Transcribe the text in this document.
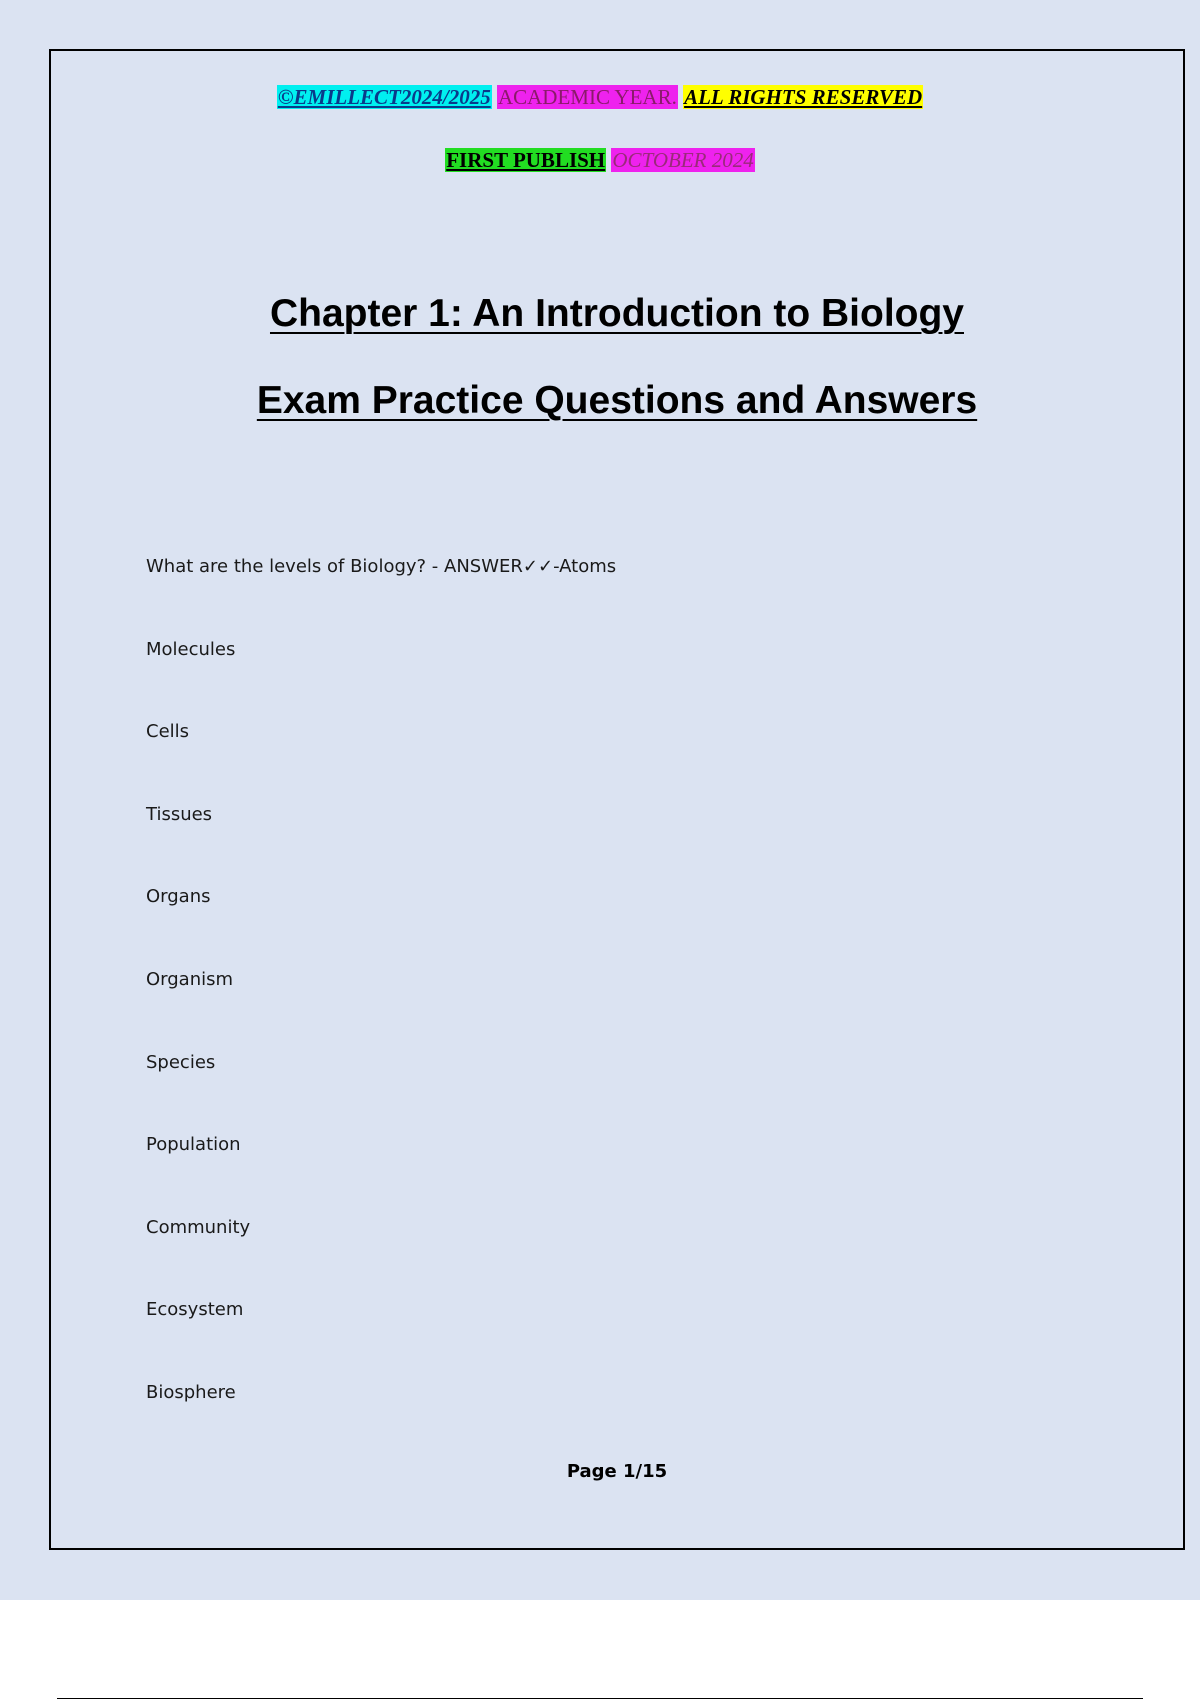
©EMILLECT2024/2025 ACADEMIC YEAR. ALL RIGHTS RESERVED
FIRST PUBLISH OCTOBER 2024
Chapter 1: An Introduction to Biology
Exam Practice Questions and Answers
What are the levels of Biology? - ANSWER✓✓-Atoms
Molecules
Cells
Tissues
Organs
Organism
Species
Population
Community
Ecosystem
Biosphere
Page 1/15
